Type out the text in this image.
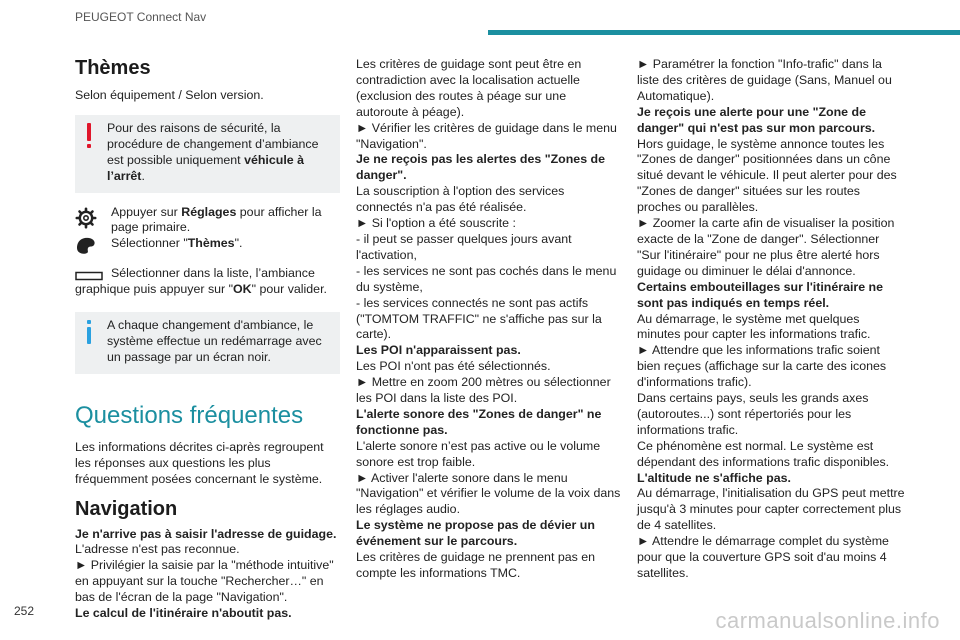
PEUGEOT Connect Nav
Thèmes

Selon équipement / Selon version.

Pour des raisons de sécurité, la procédure de changement d’ambiance est possible uniquement véhicule à l’arrêt.

Appuyer sur Réglages pour afficher la page primaire.

Sélectionner "Thèmes".

Sélectionner dans la liste, l’ambiance graphique puis appuyer sur "OK" pour valider.

A chaque changement d'ambiance, le système effectue un redémarrage avec un passage par un écran noir.
Questions fréquentes

Les informations décrites ci-après regroupent les réponses aux questions les plus fréquemment posées concernant le système.

Navigation

Je n'arrive pas à saisir l'adresse de guidage.

L'adresse n'est pas reconnue.

► Privilégier la saisie par la "méthode intuitive" en appuyant sur la touche "Rechercher…" en bas de l'écran de la page "Navigation".

Le calcul de l'itinéraire n'aboutit pas.

Les critères de guidage sont peut être en contradiction avec la localisation actuelle (exclusion des routes à péage sur une autoroute à péage).

► Vérifier les critères de guidage dans le menu "Navigation".

Je ne reçois pas les alertes des "Zones de danger".

La souscription à l'option des services connectés n'a pas été réalisée.

► Si l'option a été souscrite :

- il peut se passer quelques jours avant l'activation,

- les services ne sont pas cochés dans le menu du système,

- les services connectés ne sont pas actifs ("TOMTOM TRAFFIC" ne s'affiche pas sur la carte).

Les POI n'apparaissent pas.

Les POI n'ont pas été sélectionnés.

► Mettre en zoom 200 mètres ou sélectionner les POI dans la liste des POI.

L'alerte sonore des "Zones de danger" ne fonctionne pas.

L'alerte sonore n’est pas active ou le volume sonore est trop faible.

► Activer l'alerte sonore dans le menu "Navigation" et vérifier le volume de la voix dans les réglages audio.

Le système ne propose pas de dévier un événement sur le parcours.

Les critères de guidage ne prennent pas en compte les informations TMC.

► Paramétrer la fonction "Info-trafic" dans la liste des critères de guidage (Sans, Manuel ou Automatique).

Je reçois une alerte pour une "Zone de danger" qui n'est pas sur mon parcours.

Hors guidage, le système annonce toutes les "Zones de danger" positionnées dans un cône situé devant le véhicule. Il peut alerter pour des "Zones de danger" situées sur les routes proches ou parallèles.

► Zoomer la carte afin de visualiser la position exacte de la "Zone de danger". Sélectionner "Sur l'itinéraire" pour ne plus être alerté hors guidage ou diminuer le délai d'annonce.

Certains embouteillages sur l'itinéraire ne sont pas indiqués en temps réel.

Au démarrage, le système met quelques minutes pour capter les informations trafic.

► Attendre que les informations trafic soient bien reçues (affichage sur la carte des icones d'informations trafic).

Dans certains pays, seuls les grands axes (autoroutes...) sont répertoriés pour les informations trafic.

Ce phénomène est normal. Le système est dépendant des informations trafic disponibles.

L'altitude ne s'affiche pas.

Au démarrage, l'initialisation du GPS peut mettre jusqu'à 3 minutes pour capter correctement plus de 4 satellites.

► Attendre le démarrage complet du système pour que la couverture GPS soit d'au moins 4 satellites.

252	carmanualsonline.info
